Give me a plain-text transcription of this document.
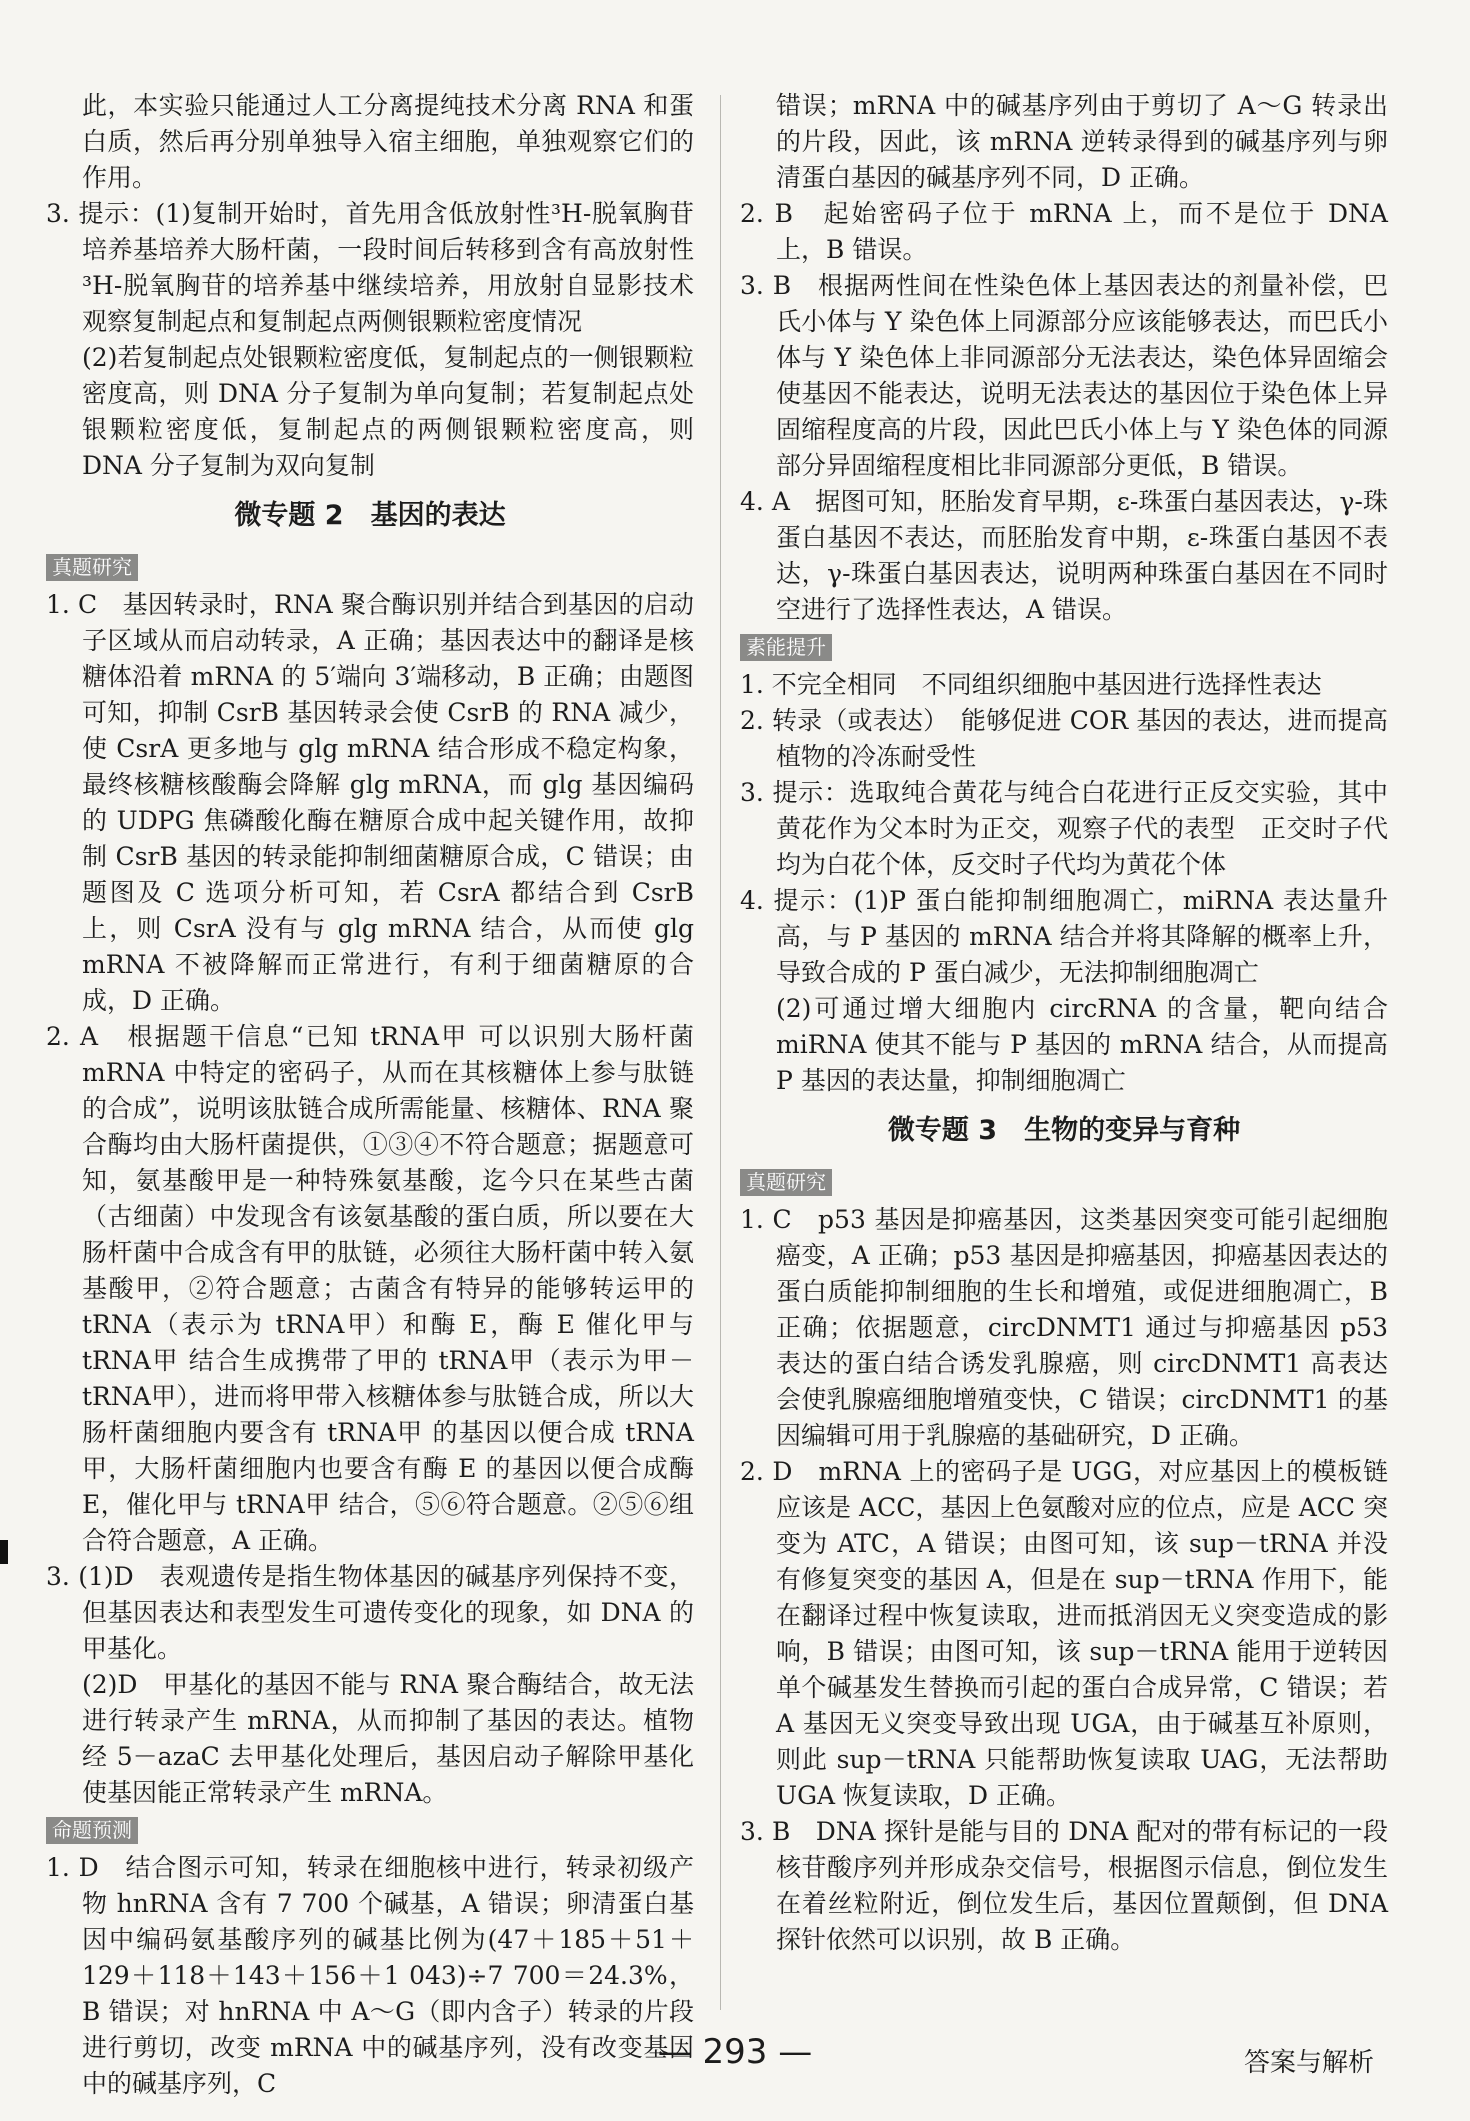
此，本实验只能通过人工分离提纯技术分离 RNA 和蛋白质，然后再分别单独导入宿主细胞，单独观察它们的作用。

3. 提示：(1)复制开始时，首先用含低放射性³H-脱氧胸苷培养基培养大肠杆菌，一段时间后转移到含有高放射性³H-脱氧胸苷的培养基中继续培养，用放射自显影技术观察复制起点和复制起点两侧银颗粒密度情况

(2)若复制起点处银颗粒密度低，复制起点的一侧银颗粒密度高，则 DNA 分子复制为单向复制；若复制起点处银颗粒密度低，复制起点的两侧银颗粒密度高，则 DNA 分子复制为双向复制

微专题 2　基因的表达
真题研究

1. C　基因转录时，RNA 聚合酶识别并结合到基因的启动子区域从而启动转录，A 正确；基因表达中的翻译是核糖体沿着 mRNA 的 5′端向 3′端移动，B 正确；由题图可知，抑制 CsrB 基因转录会使 CsrB 的 RNA 减少，使 CsrA 更多地与 glg mRNA 结合形成不稳定构象，最终核糖核酸酶会降解 glg mRNA，而 glg 基因编码的 UDPG 焦磷酸化酶在糖原合成中起关键作用，故抑制 CsrB 基因的转录能抑制细菌糖原合成，C 错误；由题图及 C 选项分析可知，若 CsrA 都结合到 CsrB 上，则 CsrA 没有与 glg mRNA 结合，从而使 glg mRNA 不被降解而正常进行，有利于细菌糖原的合成，D 正确。

2. A　根据题干信息“已知 tRNA甲 可以识别大肠杆菌 mRNA 中特定的密码子，从而在其核糖体上参与肽链的合成”，说明该肽链合成所需能量、核糖体、RNA 聚合酶均由大肠杆菌提供，①③④不符合题意；据题意可知，氨基酸甲是一种特殊氨基酸，迄今只在某些古菌（古细菌）中发现含有该氨基酸的蛋白质，所以要在大肠杆菌中合成含有甲的肽链，必须往大肠杆菌中转入氨基酸甲，②符合题意；古菌含有特异的能够转运甲的 tRNA（表示为 tRNA甲）和酶 E，酶 E 催化甲与 tRNA甲 结合生成携带了甲的 tRNA甲（表示为甲－tRNA甲），进而将甲带入核糖体参与肽链合成，所以大肠杆菌细胞内要含有 tRNA甲 的基因以便合成 tRNA甲，大肠杆菌细胞内也要含有酶 E 的基因以便合成酶 E，催化甲与 tRNA甲 结合，⑤⑥符合题意。②⑤⑥组合符合题意，A 正确。

3. (1)D　表观遗传是指生物体基因的碱基序列保持不变，但基因表达和表型发生可遗传变化的现象，如 DNA 的甲基化。

(2)D　甲基化的基因不能与 RNA 聚合酶结合，故无法进行转录产生 mRNA，从而抑制了基因的表达。植物经 5－azaC 去甲基化处理后，基因启动子解除甲基化使基因能正常转录产生 mRNA。

命题预测

1. D　结合图示可知，转录在细胞核中进行，转录初级产物 hnRNA 含有 7 700 个碱基，A 错误；卵清蛋白基因中编码氨基酸序列的碱基比例为(47＋185＋51＋129＋118＋143＋156＋1 043)÷7 700＝24.3%，B 错误；对 hnRNA 中 A～G（即内含子）转录的片段进行剪切，改变 mRNA 中的碱基序列，没有改变基因中的碱基序列，C

错误；mRNA 中的碱基序列由于剪切了 A～G 转录出的片段，因此，该 mRNA 逆转录得到的碱基序列与卵清蛋白基因的碱基序列不同，D 正确。

2. B　起始密码子位于 mRNA 上，而不是位于 DNA 上，B 错误。

3. B　根据两性间在性染色体上基因表达的剂量补偿，巴氏小体与 Y 染色体上同源部分应该能够表达，而巴氏小体与 Y 染色体上非同源部分无法表达，染色体异固缩会使基因不能表达，说明无法表达的基因位于染色体上异固缩程度高的片段，因此巴氏小体上与 Y 染色体的同源部分异固缩程度相比非同源部分更低，B 错误。

4. A　据图可知，胚胎发育早期，ε-珠蛋白基因表达，γ-珠蛋白基因不表达，而胚胎发育中期，ε-珠蛋白基因不表达，γ-珠蛋白基因表达，说明两种珠蛋白基因在不同时空进行了选择性表达，A 错误。

素能提升

1. 不完全相同　不同组织细胞中基因进行选择性表达

2. 转录（或表达）　能够促进 COR 基因的表达，进而提高植物的冷冻耐受性

3. 提示：选取纯合黄花与纯合白花进行正反交实验，其中黄花作为父本时为正交，观察子代的表型　正交时子代均为白花个体，反交时子代均为黄花个体

4. 提示：(1)P 蛋白能抑制细胞凋亡，miRNA 表达量升高，与 P 基因的 mRNA 结合并将其降解的概率上升，导致合成的 P 蛋白减少，无法抑制细胞凋亡

(2)可通过增大细胞内 circRNA 的含量，靶向结合 miRNA 使其不能与 P 基因的 mRNA 结合，从而提高 P 基因的表达量，抑制细胞凋亡

微专题 3　生物的变异与育种
真题研究

1. C　p53 基因是抑癌基因，这类基因突变可能引起细胞癌变，A 正确；p53 基因是抑癌基因，抑癌基因表达的蛋白质能抑制细胞的生长和增殖，或促进细胞凋亡，B 正确；依据题意，circDNMT1 通过与抑癌基因 p53 表达的蛋白结合诱发乳腺癌，则 circDNMT1 高表达会使乳腺癌细胞增殖变快，C 错误；circDNMT1 的基因编辑可用于乳腺癌的基础研究，D 正确。

2. D　mRNA 上的密码子是 UGG，对应基因上的模板链应该是 ACC，基因上色氨酸对应的位点，应是 ACC 突变为 ATC，A 错误；由图可知，该 sup－tRNA 并没有修复突变的基因 A，但是在 sup－tRNA 作用下，能在翻译过程中恢复读取，进而抵消因无义突变造成的影响，B 错误；由图可知，该 sup－tRNA 能用于逆转因单个碱基发生替换而引起的蛋白合成异常，C 错误；若 A 基因无义突变导致出现 UGA，由于碱基互补原则，则此 sup－tRNA 只能帮助恢复读取 UAG，无法帮助 UGA 恢复读取，D 正确。

3. B　DNA 探针是能与目的 DNA 配对的带有标记的一段核苷酸序列并形成杂交信号，根据图示信息，倒位发生在着丝粒附近，倒位发生后，基因位置颠倒，但 DNA 探针依然可以识别，故 B 正确。

— 293 —	答案与解析
